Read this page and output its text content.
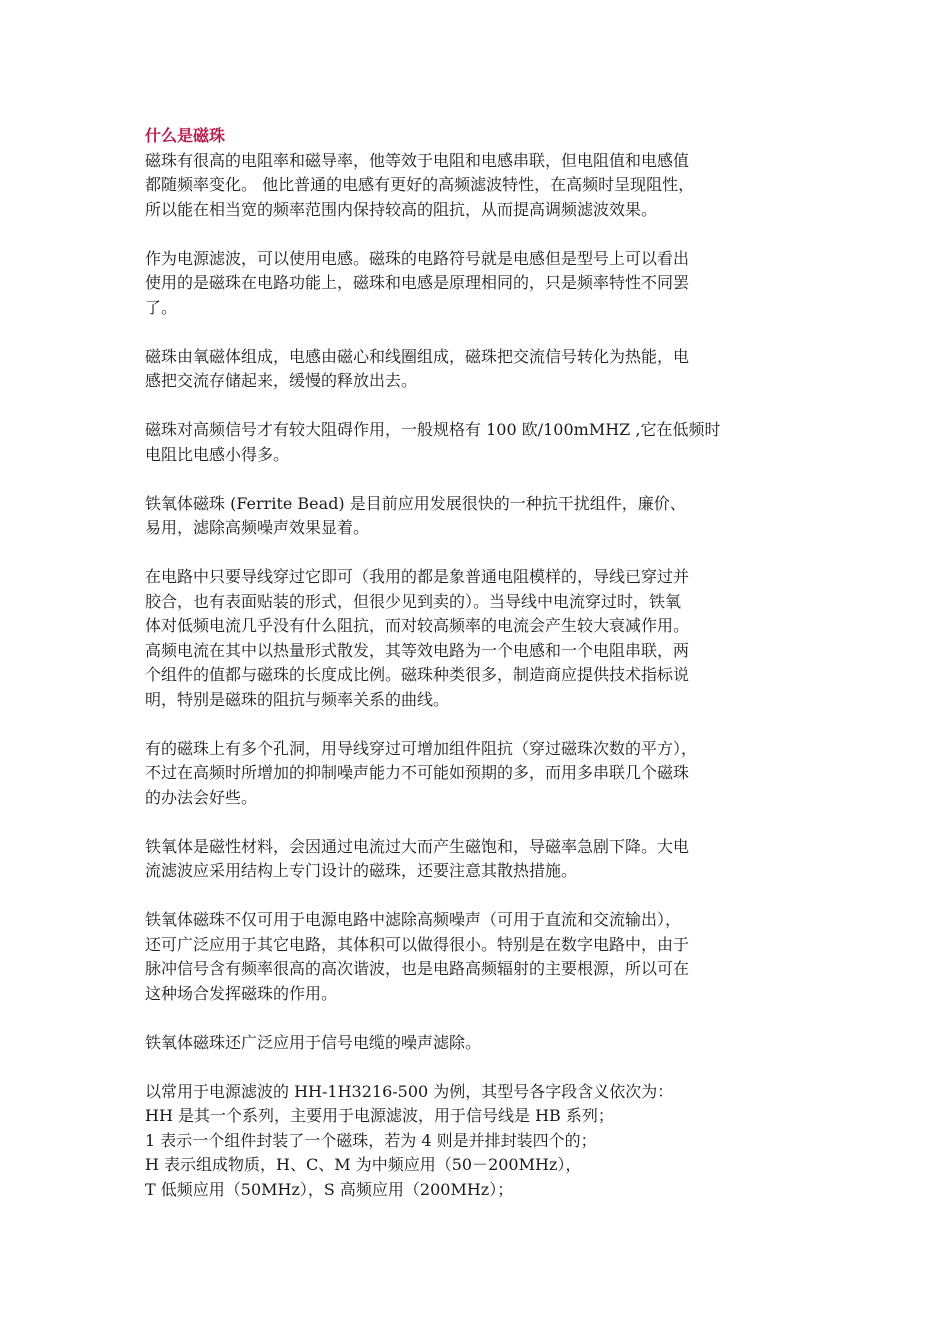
什么是磁珠
磁珠有很高的电阻率和磁导率，他等效于电阻和电感串联，但电阻值和电感值
都随频率变化。 他比普通的电感有更好的高频滤波特性，在高频时呈现阻性，
所以能在相当宽的频率范围内保持较高的阻抗，从而提高调频滤波效果。
作为电源滤波，可以使用电感。磁珠的电路符号就是电感但是型号上可以看出
使用的是磁珠在电路功能上，磁珠和电感是原理相同的，只是频率特性不同罢
了。
磁珠由氧磁体组成，电感由磁心和线圈组成，磁珠把交流信号转化为热能，电
感把交流存储起来，缓慢的释放出去。
磁珠对高频信号才有较大阻碍作用，一般规格有 100 欧/100mMHZ ,它在低频时
电阻比电感小得多。
铁氧体磁珠 (Ferrite Bead) 是目前应用发展很快的一种抗干扰组件，廉价、
易用，滤除高频噪声效果显着。
在电路中只要导线穿过它即可（我用的都是象普通电阻模样的，导线已穿过并
胶合，也有表面贴装的形式，但很少见到卖的）。当导线中电流穿过时，铁氧
体对低频电流几乎没有什么阻抗，而对较高频率的电流会产生较大衰减作用。
高频电流在其中以热量形式散发，其等效电路为一个电感和一个电阻串联，两
个组件的值都与磁珠的长度成比例。磁珠种类很多，制造商应提供技术指标说
明，特别是磁珠的阻抗与频率关系的曲线。
有的磁珠上有多个孔洞，用导线穿过可增加组件阻抗（穿过磁珠次数的平方），
不过在高频时所增加的抑制噪声能力不可能如预期的多，而用多串联几个磁珠
的办法会好些。
铁氧体是磁性材料，会因通过电流过大而产生磁饱和，导磁率急剧下降。大电
流滤波应采用结构上专门设计的磁珠，还要注意其散热措施。
铁氧体磁珠不仅可用于电源电路中滤除高频噪声（可用于直流和交流输出），
还可广泛应用于其它电路，其体积可以做得很小。特别是在数字电路中，由于
脉冲信号含有频率很高的高次谐波，也是电路高频辐射的主要根源，所以可在
这种场合发挥磁珠的作用。
铁氧体磁珠还广泛应用于信号电缆的噪声滤除。
以常用于电源滤波的 HH-1H3216-500 为例，其型号各字段含义依次为：
HH 是其一个系列，主要用于电源滤波，用于信号线是 HB 系列；
1 表示一个组件封装了一个磁珠，若为 4 则是并排封装四个的；
H 表示组成物质，H、C、M 为中频应用（50－200MHz），
T 低频应用（50MHz），S 高频应用（200MHz）；
